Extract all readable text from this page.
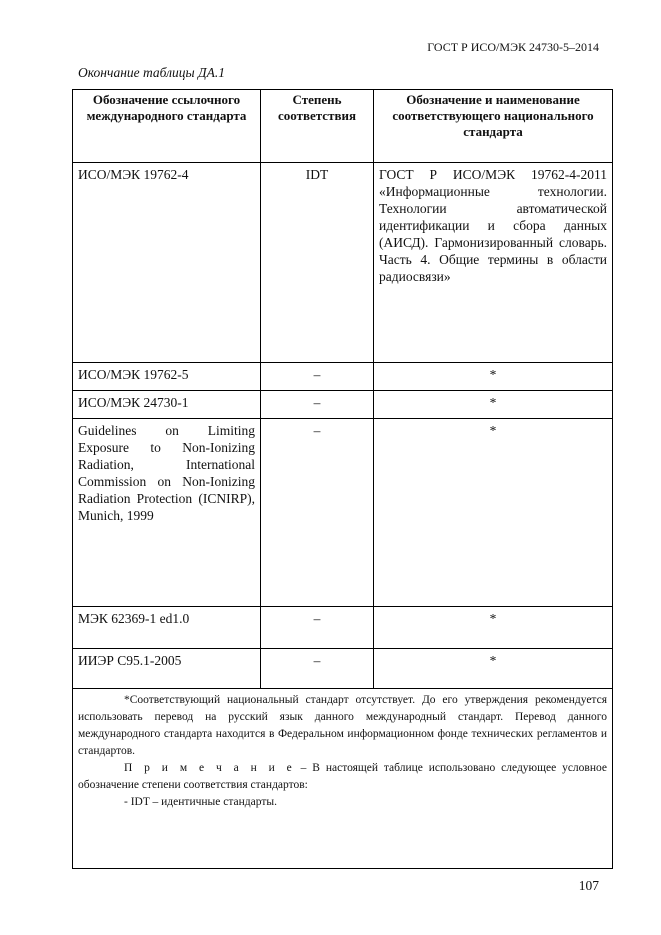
ГОСТ Р ИСО/МЭК 24730-5–2014
Окончание таблицы ДА.1
Обозначение ссылочного международного стандарта	Степень соответствия	Обозначение и наименование соответствующего национального стандарта
ИСО/МЭК 19762-4	IDT	ГОСТ Р ИСО/МЭК 19762-4-2011 «Информационные технологии. Технологии автоматической идентификации и сбора данных (АИСД). Гармонизированный словарь. Часть 4. Общие термины в области радиосвязи»
ИСО/МЭК 19762-5	–	*
ИСО/МЭК 24730-1	–	*
Guidelines on Limiting Exposure to Non-Ionizing Radiation, International Commission on Non-Ionizing Radiation Protection (ICNIRP), Munich, 1999	–	*
МЭК 62369-1 ed1.0	–	*
ИИЭР C95.1-2005	–	*

*Соответствующий национальный стандарт отсутствует. До его утверждения рекомендуется использовать перевод на русский язык данного международный стандарт. Перевод данного международного стандарта находится в Федеральном информационном фонде технических регламентов и стандартов.

П р и м е ч а н и е – В настоящей таблице использовано следующее условное обозначение степени соответствия стандартов:

- IDT – идентичные стандарты.		

107
